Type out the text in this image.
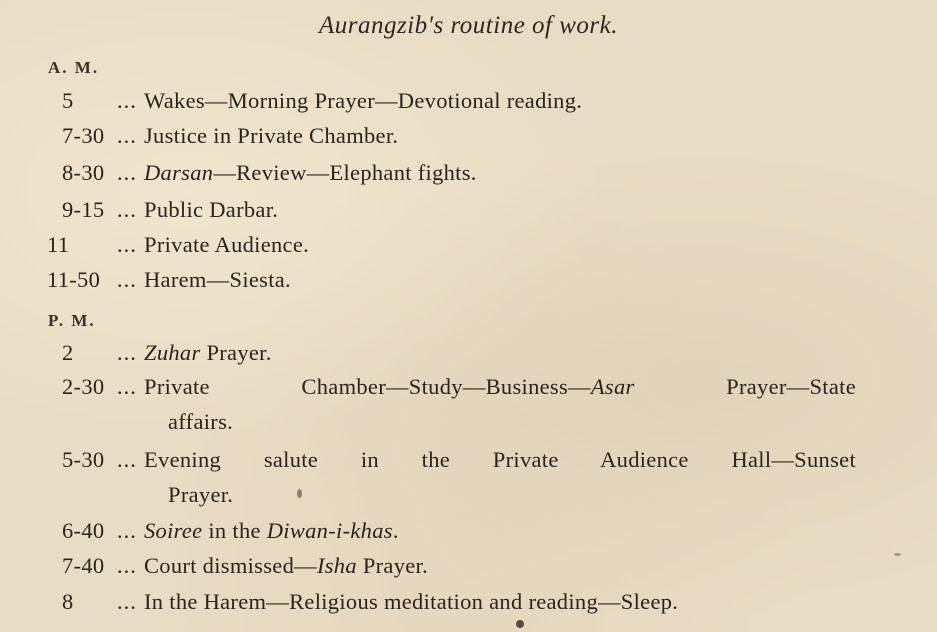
Aurangzib's routine of work.
A. M.
5	... Wakes—Morning Prayer—Devotional reading.
7-30 ... Justice in Private Chamber.
8-30 ... Darsan—Review—Elephant fights.
9-15 ... Public Darbar.
11	... Private Audience.
11-50 ... Harem—Siesta.
P. M.
2	... Zuhar Prayer.
2-30 ... Private Chamber—Study—Business—Asar Prayer—State
affairs.
5-30 ... Evening salute in the Private Audience Hall—Sunset
Prayer.
6-40 ... Soiree in the Diwan-i-khas.
7-40 ... Court dismissed—Isha Prayer.
8	... In the Harem—Religious meditation and reading—Sleep.
